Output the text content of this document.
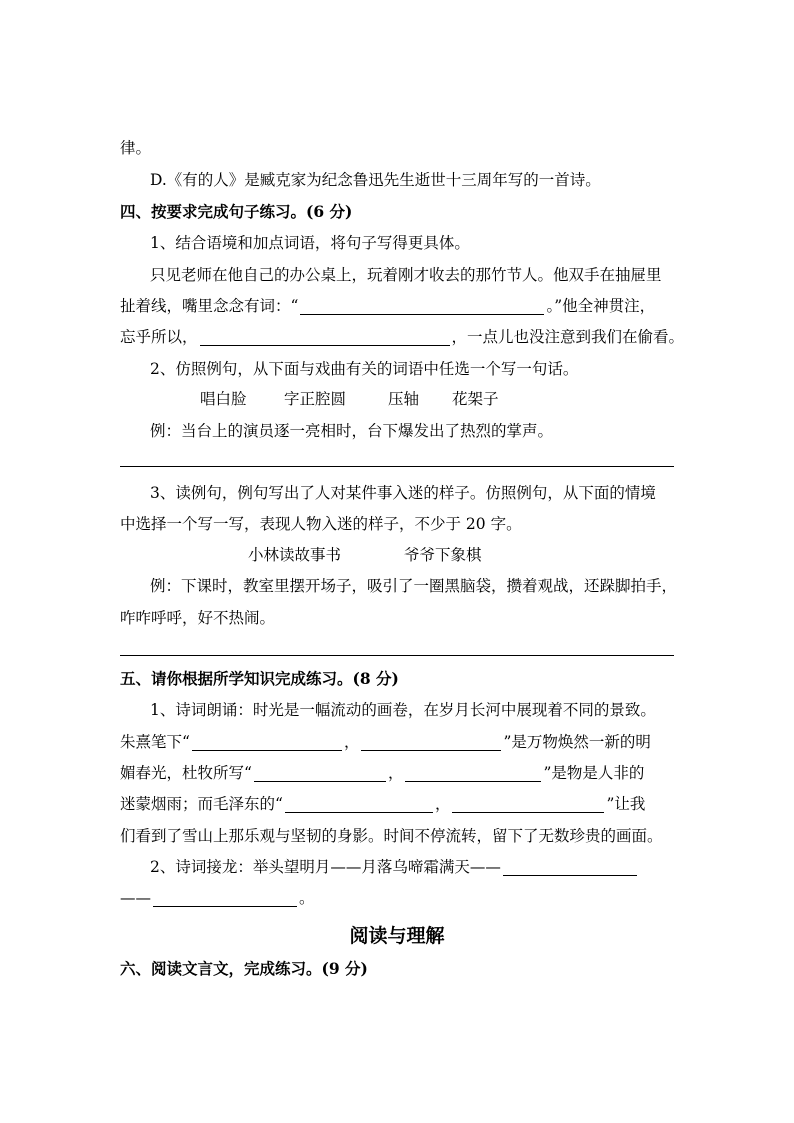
律。
D.《有的人》是臧克家为纪念鲁迅先生逝世十三周年写的一首诗。
四、按要求完成句子练习。(6 分)
1、结合语境和加点词语，将句子写得更具体。
只见老师在他自己的办公桌上，玩着刚才收去的那竹节人。他双手在抽屉里
扯着线，嘴里念念有词：“	。”他全神贯注，
忘乎所以，	，一点儿也没注意到我们在偷看。
2、仿照例句，从下面与戏曲有关的词语中任选一个写一句话。
唱白脸 字正腔圆	压轴 花架子
例：当台上的演员逐一亮相时，台下爆发出了热烈的掌声。
3、读例句，例句写出了人对某件事入迷的样子。仿照例句，从下面的情境
中选择一个写一写，表现人物入迷的样子，不少于 20 字。
小林读故事书	爷爷下象棋
例：下课时，教室里摆开场子，吸引了一圈黑脑袋，攒着观战，还跺脚拍手，
咋咋呼呼，好不热闹。
五、请你根据所学知识完成练习。(8 分)
1、诗词朗诵：时光是一幅流动的画卷，在岁月长河中展现着不同的景致。
朱熹笔下“	，	”是万物焕然一新的明
媚春光，杜牧所写“	，	”是物是人非的
迷蒙烟雨；而毛泽东的“	，	”让我
们看到了雪山上那乐观与坚韧的身影。时间不停流转，留下了无数珍贵的画面。
2、诗词接龙：举头望明月——月落乌啼霜满天——
——	。
阅读与理解
六、阅读文言文，完成练习。(9 分)
